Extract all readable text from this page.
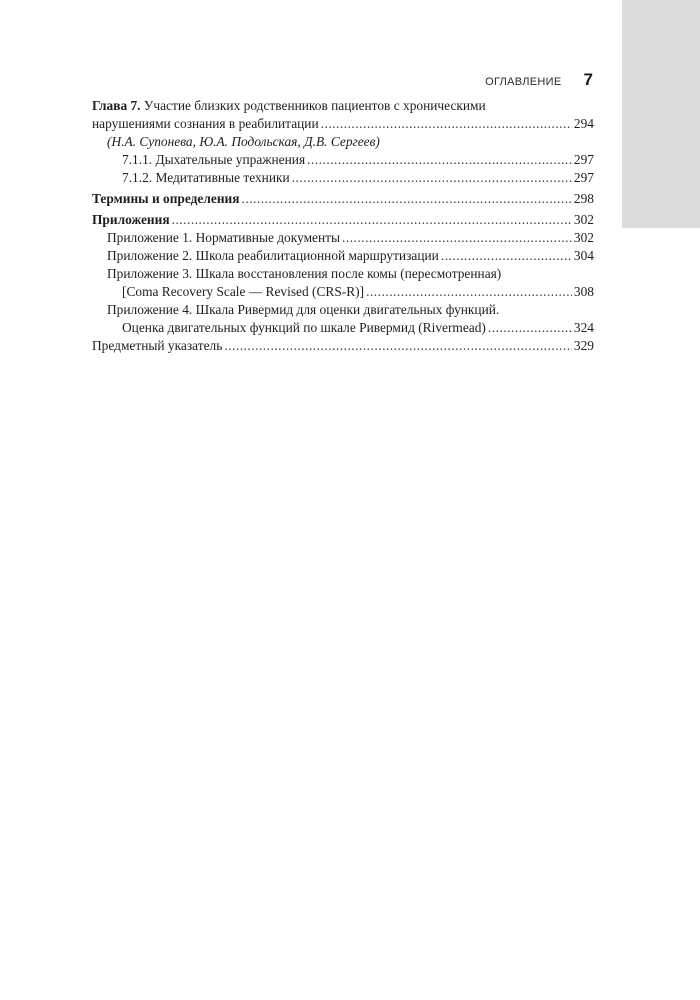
ОГЛАВЛЕНИЕ 7
Глава 7. Участие близких родственников пациентов с хроническими
нарушениями сознания в реабилитации .....	294
(Н.А. Супонева, Ю.А. Подольская, Д.В. Сергеев)
7.1.1. Дыхательные упражнения .....	297
7.1.2. Медитативные техники .....	297
Термины и определения .....	298
Приложения .....	302
Приложение 1. Нормативные документы .....	302
Приложение 2. Школа реабилитационной маршрутизации .....	304
Приложение 3. Шкала восстановления после комы (пересмотренная)
[Coma Recovery Scale — Revised (CRS-R)] .....	308
Приложение 4. Шкала Ривермид для оценки двигательных функций.
Оценка двигательных функций по шкале Ривермид (Rivermead) .....	324
Предметный указатель .....	329
